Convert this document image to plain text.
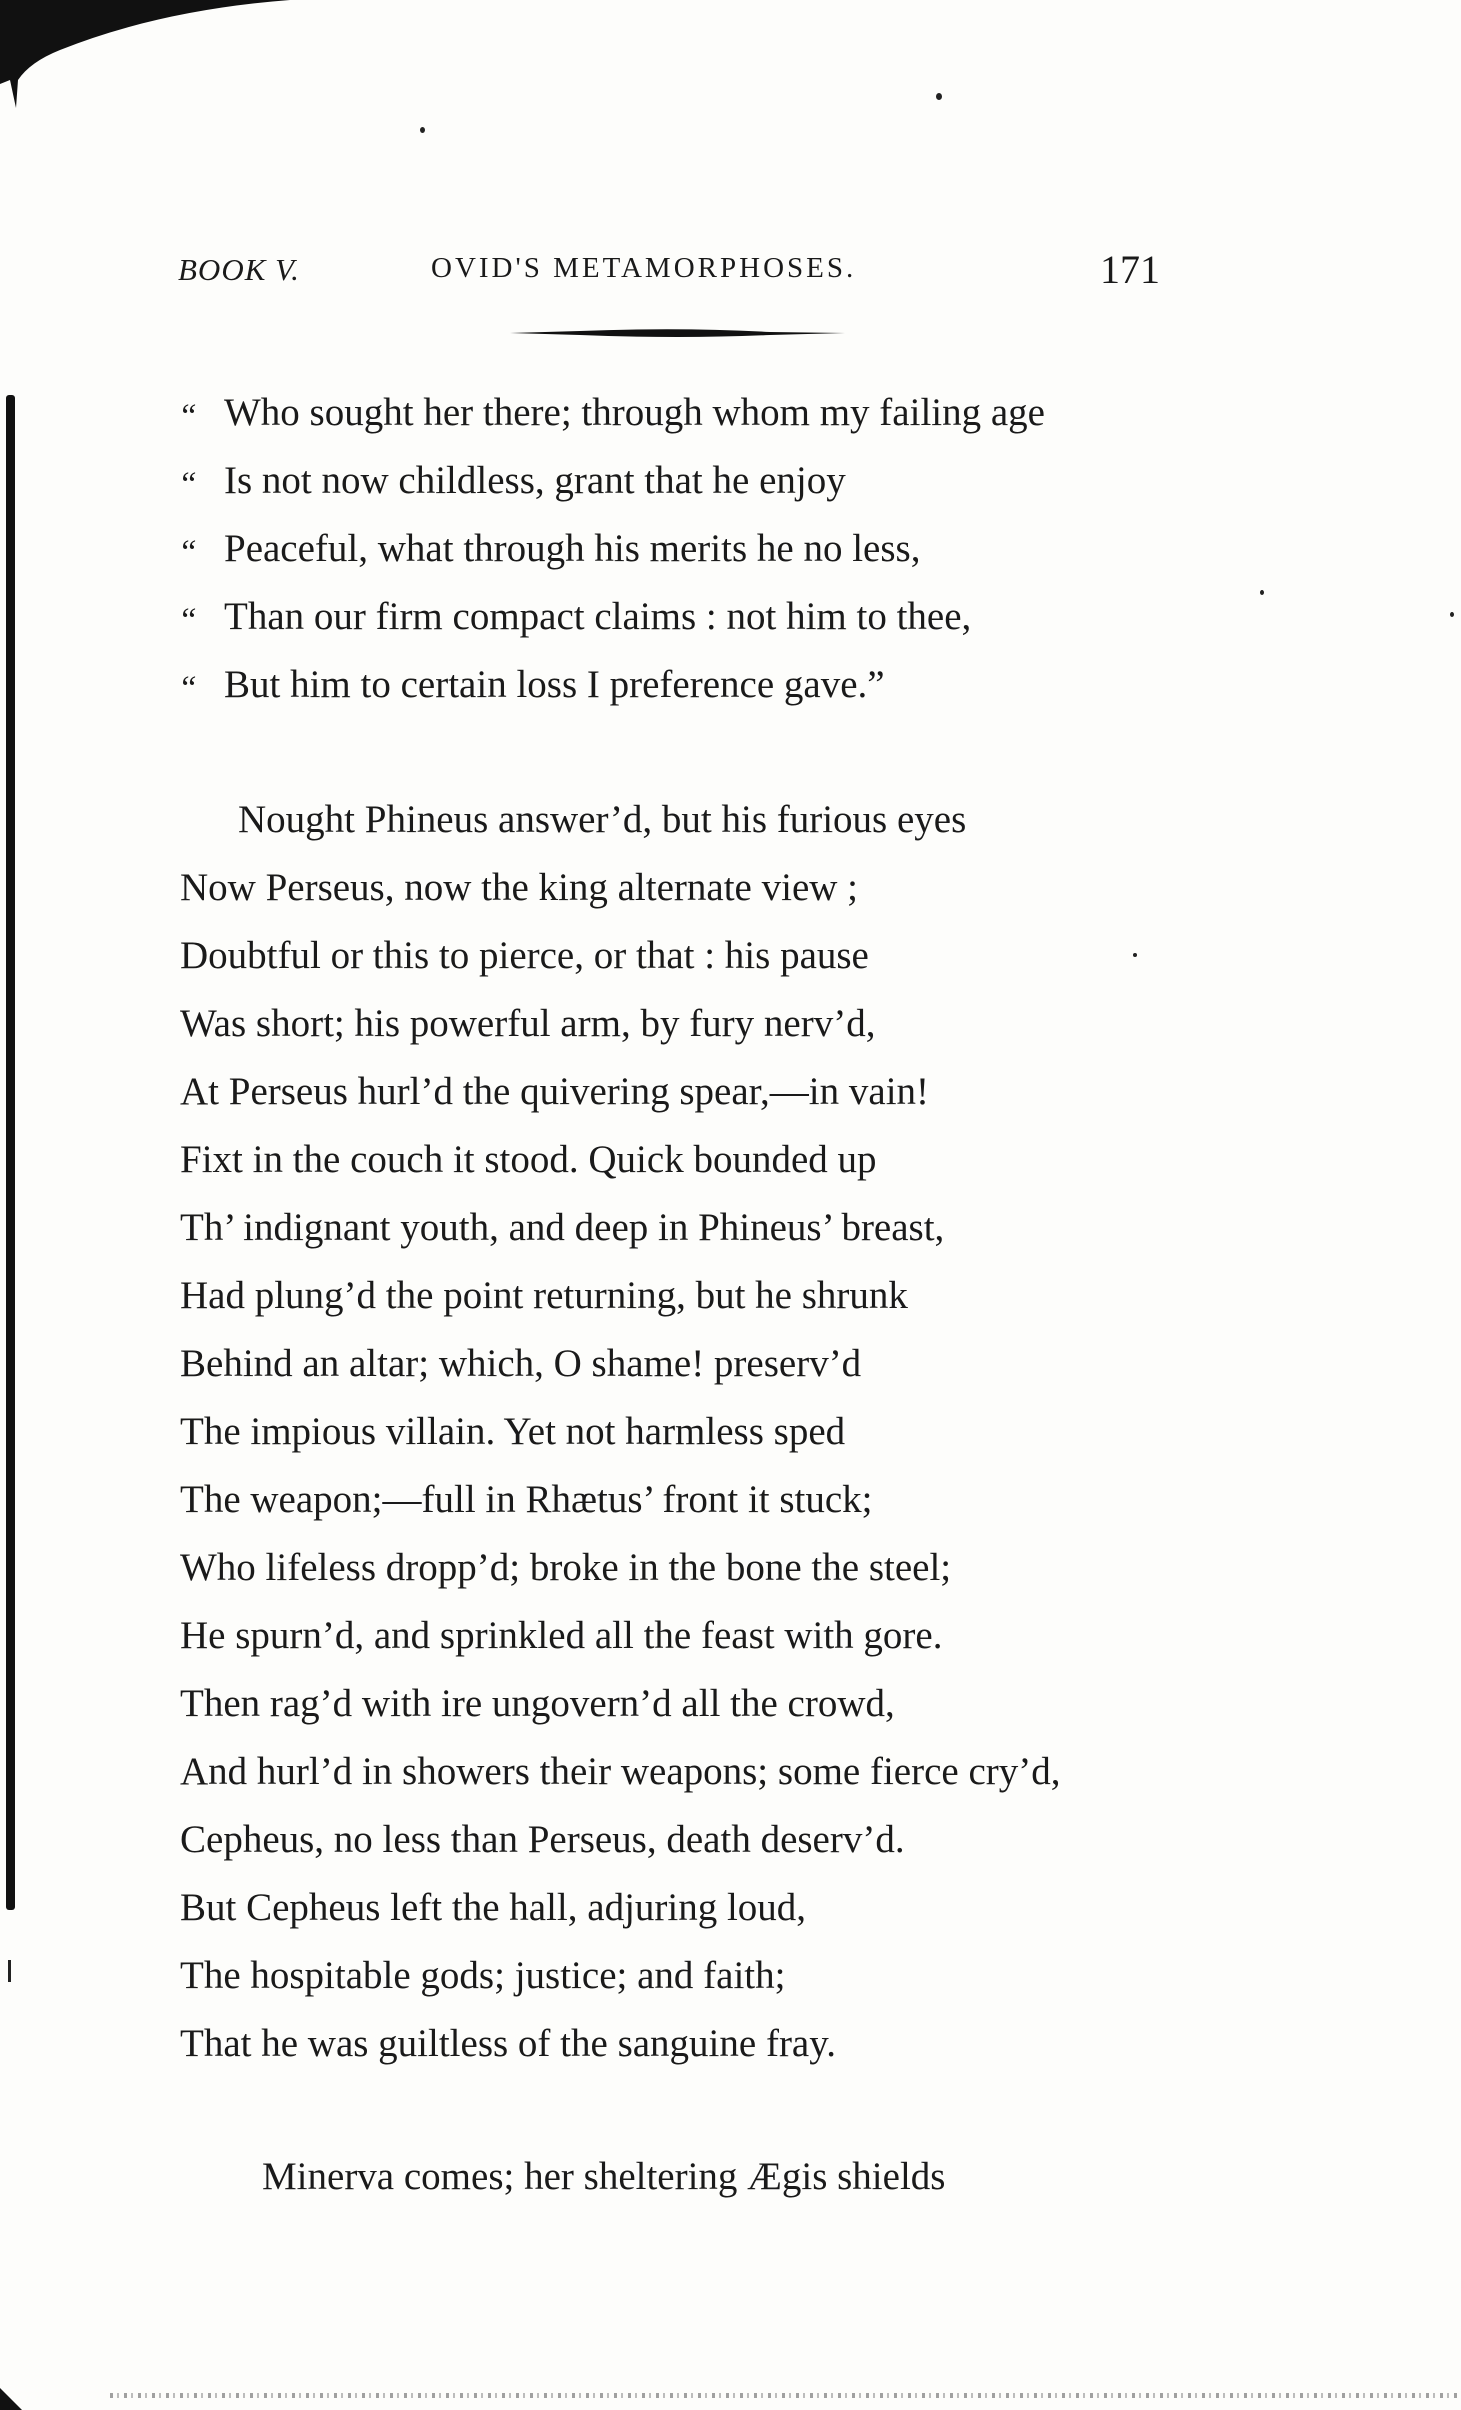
BOOK V.	OVID'S METAMORPHOSES.	171
“ Who sought her there; through whom my failing age
“ Is not now childless, grant that he enjoy
“ Peaceful, what through his merits he no less,
“ Than our firm compact claims : not him to thee,
“ But him to certain loss I preference gave.”
Nought Phineus answer’d, but his furious eyes
Now Perseus, now the king alternate view ;
Doubtful or this to pierce, or that : his pause
Was short; his powerful arm, by fury nerv’d,
At Perseus hurl’d the quivering spear,—in vain!
Fixt in the couch it stood. Quick bounded up
Th’ indignant youth, and deep in Phineus’ breast,
Had plung’d the point returning, but he shrunk
Behind an altar; which, O shame! preserv’d
The impious villain. Yet not harmless sped
The weapon;—full in Rhætus’ front it stuck;
Who lifeless dropp’d; broke in the bone the steel;
He spurn’d, and sprinkled all the feast with gore.
Then rag’d with ire ungovern’d all the crowd,
And hurl’d in showers their weapons; some fierce cry’d,
Cepheus, no less than Perseus, death deserv’d.
But Cepheus left the hall, adjuring loud,
The hospitable gods; justice; and faith;
That he was guiltless of the sanguine fray.
Minerva comes; her sheltering Ægis shields
